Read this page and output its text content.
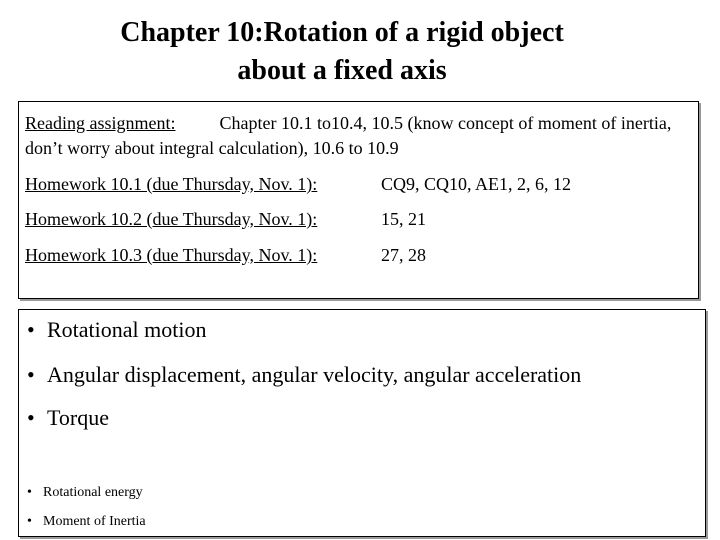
Chapter 10:Rotation of a rigid object
about a fixed axis
Reading assignment: Chapter 10.1 to10.4, 10.5 (know concept of moment of inertia, don’t worry about integral calculation), 10.6 to 10.9
Homework 10.1 (due Thursday, Nov. 1):	CQ9, CQ10, AE1, 2, 6, 12
Homework 10.2 (due Thursday, Nov. 1):	15, 21
Homework 10.3 (due Thursday, Nov. 1):	27, 28
• Rotational motion
• Angular displacement, angular velocity, angular acceleration
• Torque
• Rotational energy
• Moment of Inertia
